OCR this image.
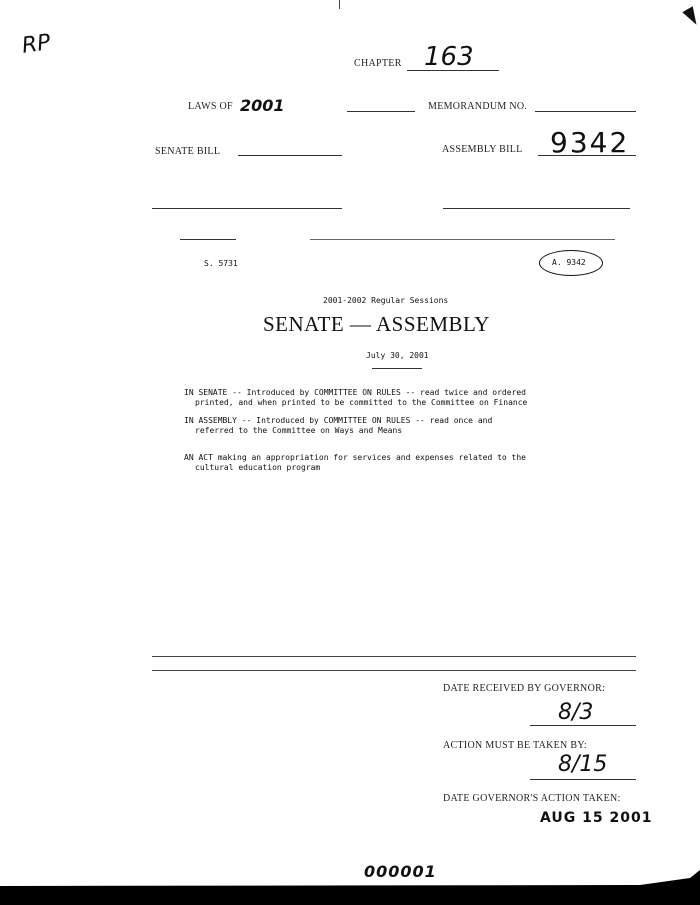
RP
CHAPTER 163
LAWS OF 2001	MEMORANDUM NO.
SENATE BILL	ASSEMBLY BILL 9342
S. 5731	A. 9342
2001-2002 Regular Sessions
SENATE — ASSEMBLY
July 30, 2001
IN SENATE -- Introduced by COMMITTEE ON RULES -- read twice and ordered
printed, and when printed to be committed to the Committee on Finance
IN ASSEMBLY -- Introduced by COMMITTEE ON RULES -- read once and
referred to the Committee on Ways and Means
AN ACT making an appropriation for services and expenses related to the
cultural education program
DATE RECEIVED BY GOVERNOR:
8/3
ACTION MUST BE TAKEN BY:
8/15
DATE GOVERNOR'S ACTION TAKEN:
AUG 15 2001
000001
